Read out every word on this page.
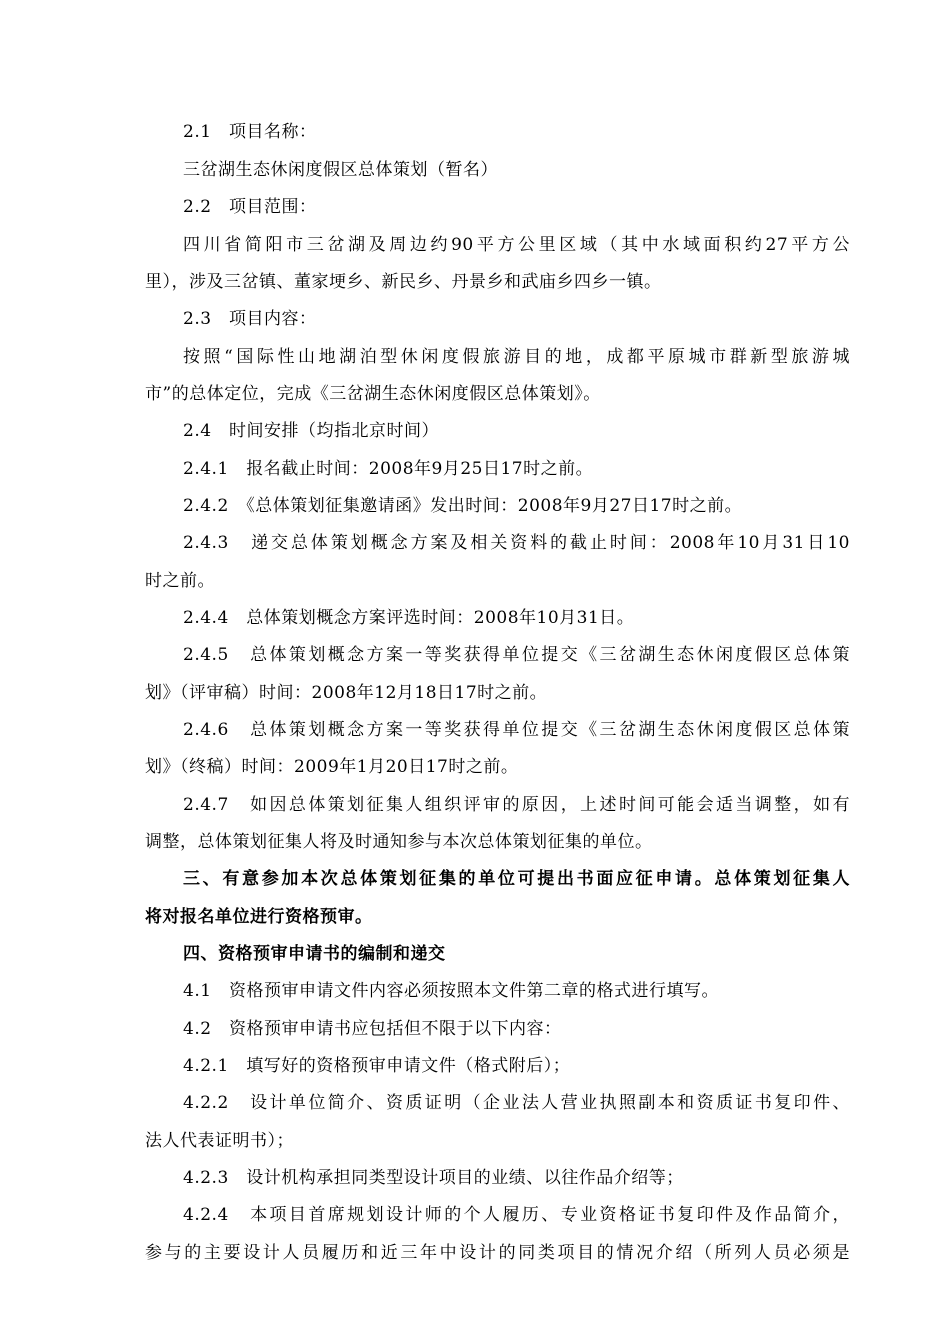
2.1　项目名称：
三岔湖生态休闲度假区总体策划（暂名）
2.2　项目范围：
四川省简阳市三岔湖及周边约90平方公里区域（其中水域面积约27平方公
里），涉及三岔镇、董家埂乡、新民乡、丹景乡和武庙乡四乡一镇。
2.3　项目内容：
按照“国际性山地湖泊型休闲度假旅游目的地，成都平原城市群新型旅游城
市”的总体定位，完成《三岔湖生态休闲度假区总体策划》。
2.4　时间安排（均指北京时间）
2.4.1　报名截止时间：2008年9月25日17时之前。
2.4.2　《总体策划征集邀请函》发出时间：2008年9月27日17时之前。
2.4.3　递交总体策划概念方案及相关资料的截止时间：2008年10月31日10
时之前。
2.4.4　总体策划概念方案评选时间：2008年10月31日。
2.4.5　总体策划概念方案一等奖获得单位提交《三岔湖生态休闲度假区总体策
划》（评审稿）时间：2008年12月18日17时之前。
2.4.6　总体策划概念方案一等奖获得单位提交《三岔湖生态休闲度假区总体策
划》（终稿）时间：2009年1月20日17时之前。
2.4.7　如因总体策划征集人组织评审的原因，上述时间可能会适当调整，如有
调整，总体策划征集人将及时通知参与本次总体策划征集的单位。
三、有意参加本次总体策划征集的单位可提出书面应征申请。总体策划征集人
将对报名单位进行资格预审。
四、资格预审申请书的编制和递交
4.1　资格预审申请文件内容必须按照本文件第二章的格式进行填写。
4.2　资格预审申请书应包括但不限于以下内容：
4.2.1　填写好的资格预审申请文件（格式附后）；
4.2.2　设计单位简介、资质证明（企业法人营业执照副本和资质证书复印件、
法人代表证明书）；
4.2.3　设计机构承担同类型设计项目的业绩、以往作品介绍等；
4.2.4　本项目首席规划设计师的个人履历、专业资格证书复印件及作品简介，
参与的主要设计人员履历和近三年中设计的同类项目的情况介绍（所列人员必须是
